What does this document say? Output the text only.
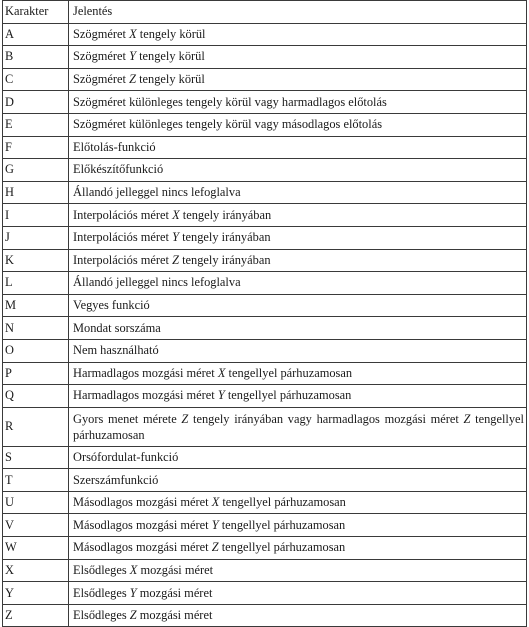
Karakter	Jelentés
A	Szögméret X tengely körül
B	Szögméret Y tengely körül
C	Szögméret Z tengely körül
D	Szögméret különleges tengely körül vagy harmadlagos előtolás
E	Szögméret különleges tengely körül vagy másodlagos előtolás
F	Előtolás-funkció
G	Előkészítőfunkció
H	Állandó jelleggel nincs lefoglalva
I	Interpolációs méret X tengely irányában
J	Interpolációs méret Y tengely irányában
K	Interpolációs méret Z tengely irányában
L	Állandó jelleggel nincs lefoglalva
M	Vegyes funkció
N	Mondat sorszáma
O	Nem használható
P	Harmadlagos mozgási méret X tengellyel párhuzamosan
Q	Harmadlagos mozgási méret Y tengellyel párhuzamosan
R	Gyors menet mérete Z tengely irányában vagy harmadlagos mozgási méret Z tengellyel párhuzamosan
S	Orsófordulat-funkció
T	Szerszámfunkció
U	Másodlagos mozgási méret X tengellyel párhuzamosan
V	Másodlagos mozgási méret Y tengellyel párhuzamosan
W	Másodlagos mozgási méret Z tengellyel párhuzamosan
X	Elsődleges X mozgási méret
Y	Elsődleges Y mozgási méret
Z	Elsődleges Z mozgási méret
